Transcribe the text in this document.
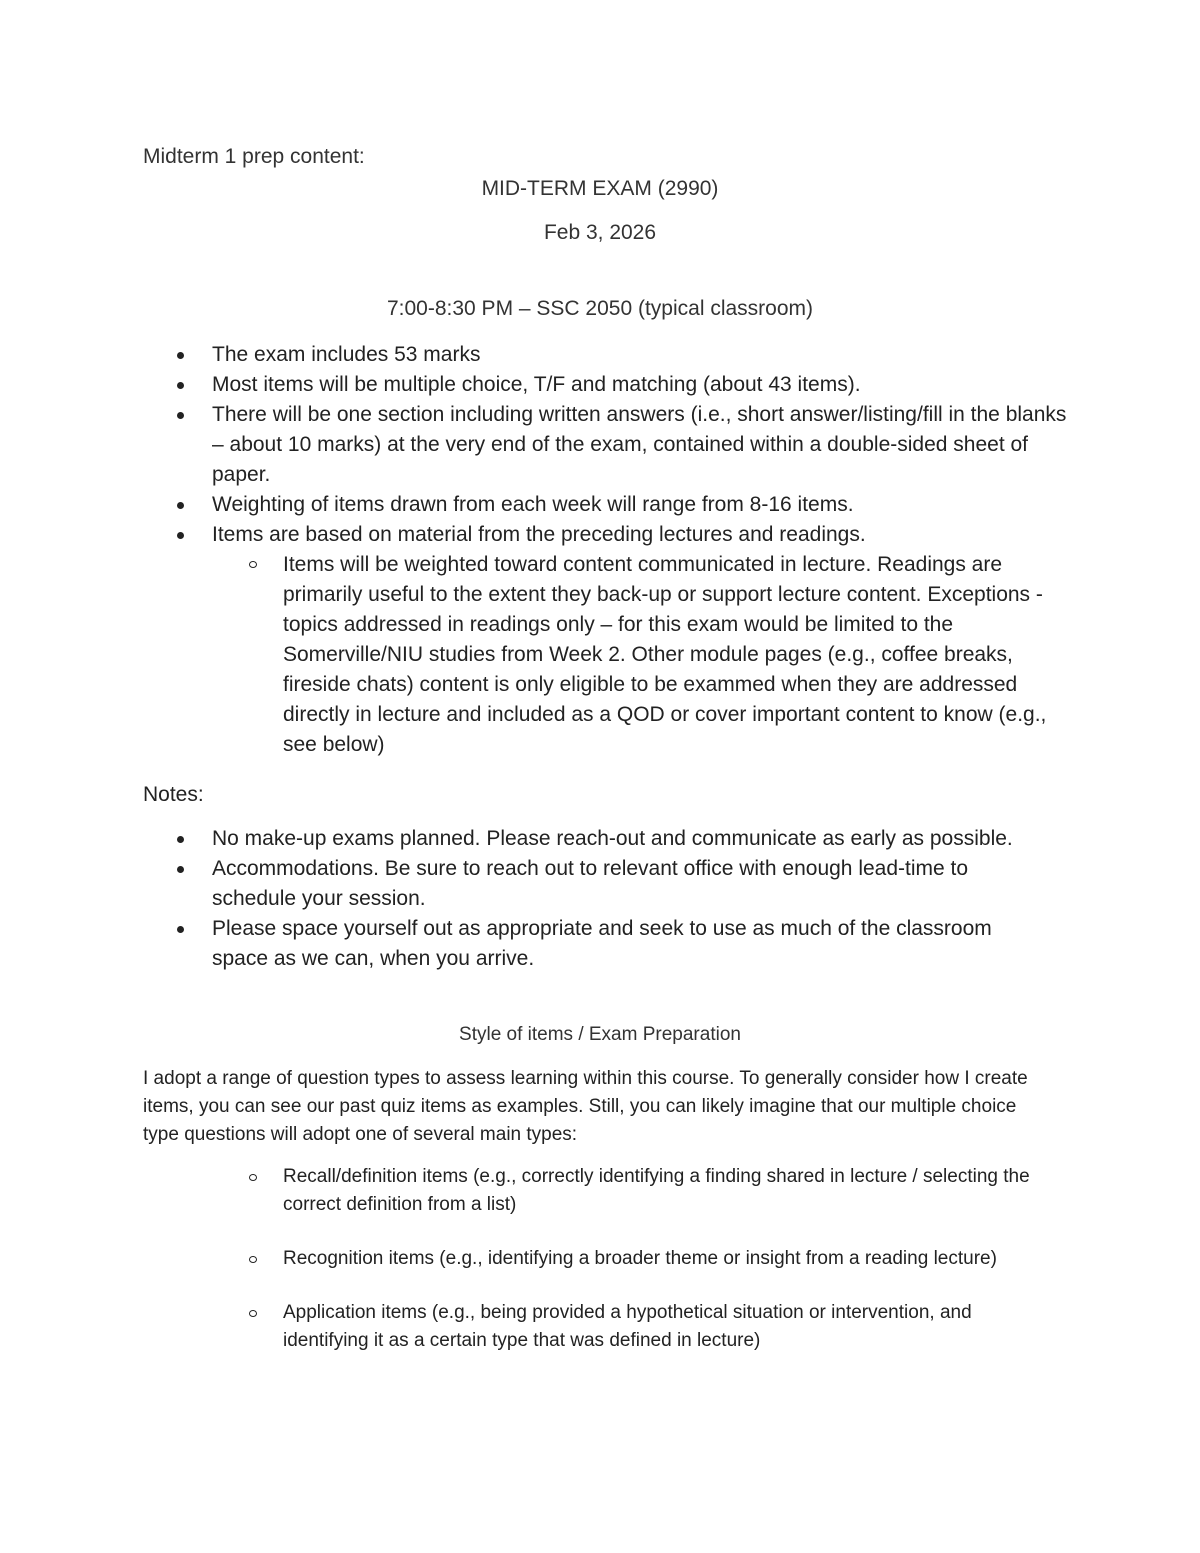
Midterm 1 prep content:
MID-TERM EXAM (2990)
Feb 3, 2026
7:00-8:30 PM – SSC 2050 (typical classroom)
The exam includes 53 marks
Most items will be multiple choice, T/F and matching (about 43 items).
There will be one section including written answers (i.e., short answer/listing/fill in the blanks – about 10 marks) at the very end of the exam, contained within a double-sided sheet of paper.
Weighting of items drawn from each week will range from 8-16 items.
Items are based on material from the preceding lectures and readings.
Items will be weighted toward content communicated in lecture. Readings are primarily useful to the extent they back-up or support lecture content. Exceptions - topics addressed in readings only – for this exam would be limited to the Somerville/NIU studies from Week 2. Other module pages (e.g., coffee breaks, fireside chats) content is only eligible to be exammed when they are addressed directly in lecture and included as a QOD or cover important content to know (e.g., see below)
Notes:
No make-up exams planned. Please reach-out and communicate as early as possible.
Accommodations. Be sure to reach out to relevant office with enough lead-time to schedule your session.
Please space yourself out as appropriate and seek to use as much of the classroom space as we can, when you arrive.
Style of items / Exam Preparation

I adopt a range of question types to assess learning within this course. To generally consider how I create items, you can see our past quiz items as examples. Still, you can likely imagine that our multiple choice type questions will adopt one of several main types:

Recall/definition items (e.g., correctly identifying a finding shared in lecture / selecting the correct definition from a list)
Recognition items (e.g., identifying a broader theme or insight from a reading lecture)
Application items (e.g., being provided a hypothetical situation or intervention, and identifying it as a certain type that was defined in lecture)
